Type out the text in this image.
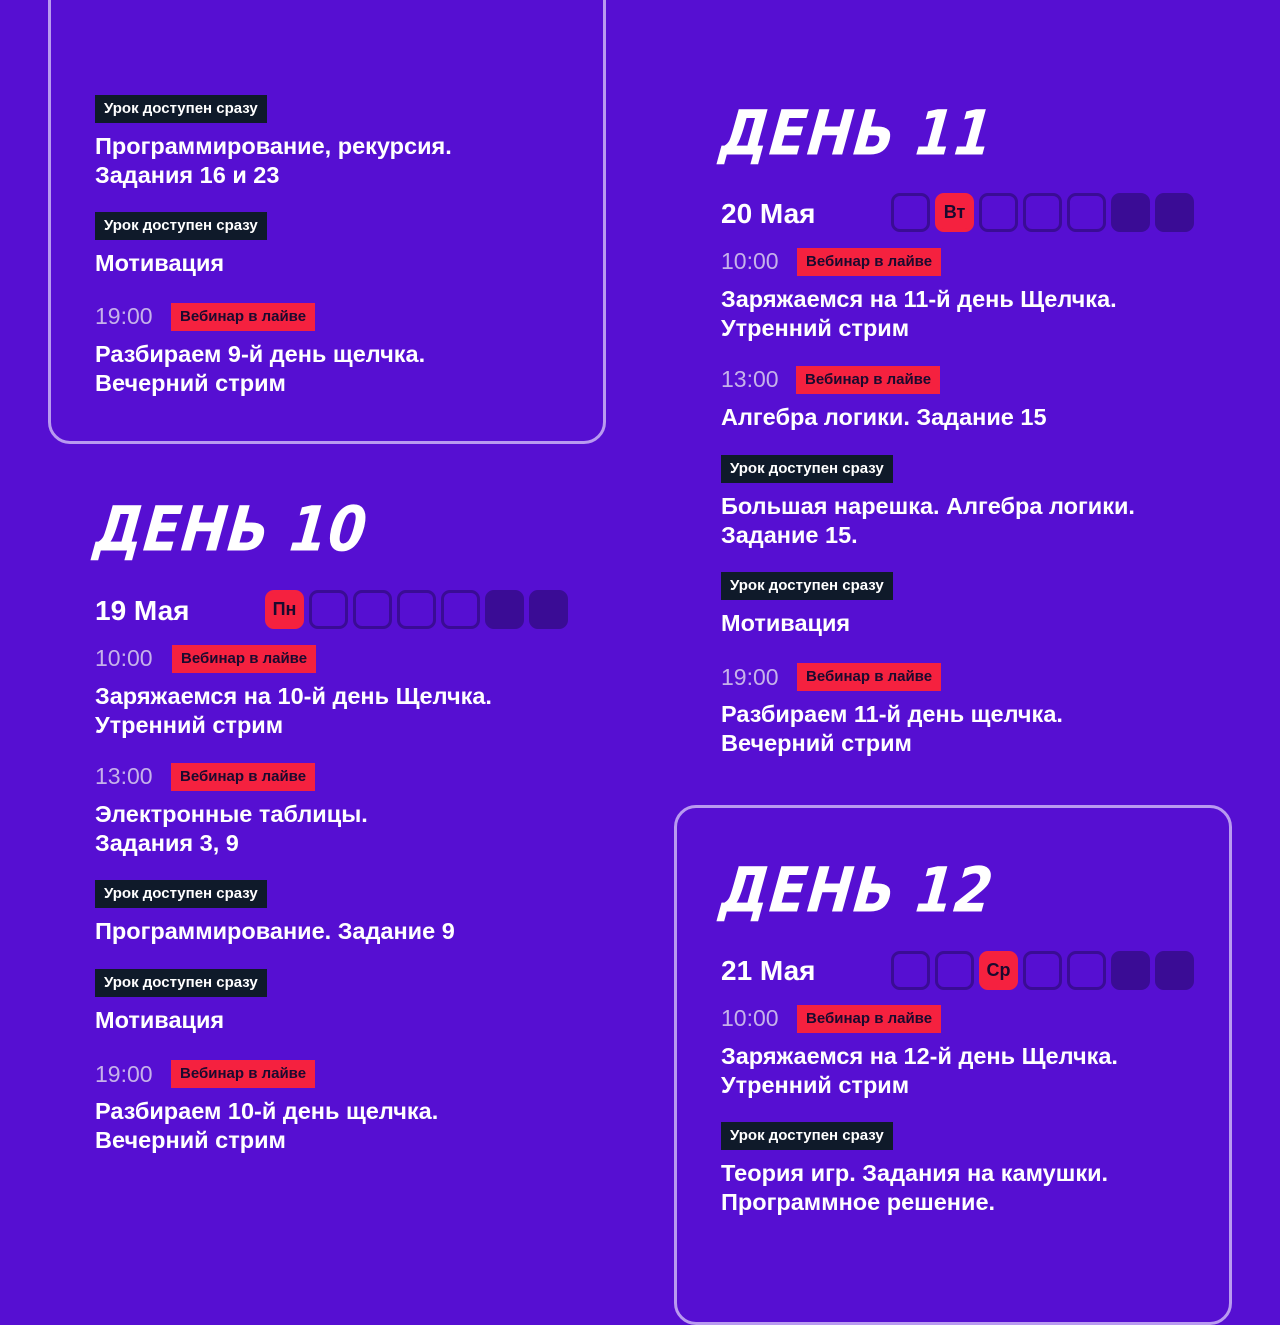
Урок доступен сразу
Программирование, рекурсия.
Задания 16 и 23
Урок доступен сразу
Мотивация
19:00	Вебинар в лайве
Разбираем 9-й день щелчка.
Вечерний стрим
ДЕНЬ 10
19 Мая	Пн
10:00	Вебинар в лайве
Заряжаемся на 10-й день Щелчка.
Утренний стрим
13:00	Вебинар в лайве
Электронные таблицы.
Задания 3, 9
Урок доступен сразу
Программирование. Задание 9
Урок доступен сразу
Мотивация
19:00	Вебинар в лайве
Разбираем 10-й день щелчка.
Вечерний стрим
ДЕНЬ 11
20 Мая	Вт
10:00	Вебинар в лайве
Заряжаемся на 11-й день Щелчка.
Утренний стрим
13:00	Вебинар в лайве
Алгебра логики. Задание 15
Урок доступен сразу
Большая нарешка. Алгебра логики.
Задание 15.
Урок доступен сразу
Мотивация
19:00	Вебинар в лайве
Разбираем 11-й день щелчка.
Вечерний стрим
ДЕНЬ 12
21 Мая	Ср
10:00	Вебинар в лайве
Заряжаемся на 12-й день Щелчка.
Утренний стрим
Урок доступен сразу
Теория игр. Задания на камушки.
Программное решение.
